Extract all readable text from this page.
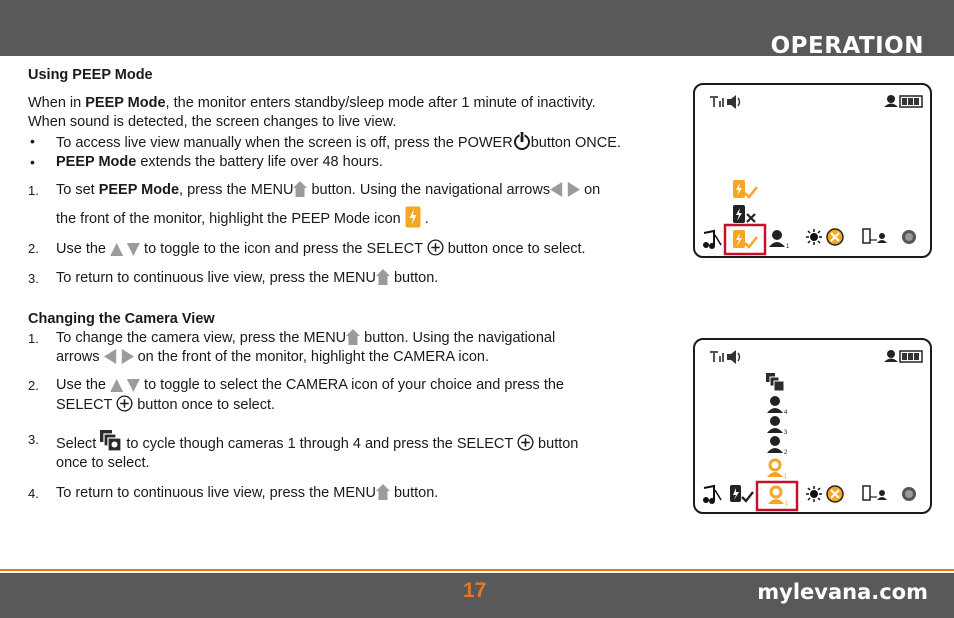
OPERATION

Using PEEP Mode

When in PEEP Mode, the monitor enters standby/sleep mode after 1 minute of inactivity.

When sound is detected, the screen changes to live view.

• To access live view manually when the screen is off, press the POWER button ONCE.
• PEEP Mode extends the battery life over 48 hours.
1. To set PEEP Mode, press the MENU button. Using the navigational arrows on
the front of the monitor, highlight the PEEP Mode icon .
2. Use the  to toggle to the icon and press the SELECT  button once to select.
3. To return to continuous live view, press the MENU button.

Changing the Camera View

1. To change the camera view, press the MENU button. Using the navigational
arrows  on the front of the monitor, highlight the CAMERA icon.
2. Use the  to toggle to select the CAMERA icon of your choice and press the
SELECT  button once to select.
3. Select  to cycle though cameras 1 through 4 and press the SELECT  button
once to select.
4. To return to continuous live view, press the MENU button.
1
4
3
2
1
1
17	mylevana.com
